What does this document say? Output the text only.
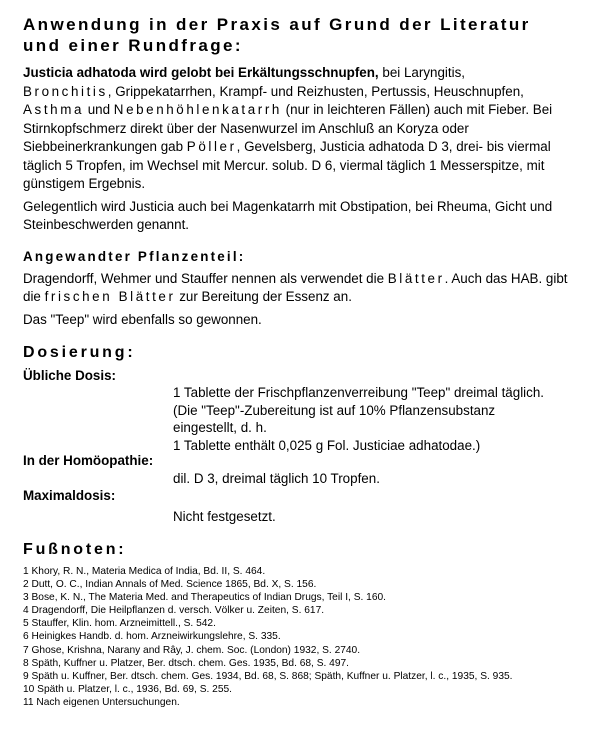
Anwendung in der Praxis auf Grund der Literatur und einer Rundfrage:

Justicia adhatoda wird gelobt bei Erkältungsschnupfen, bei Laryngitis,
Bronchitis, Grippekatarrhen, Krampf- und Reizhusten, Pertussis, Heuschnupfen,
Asthma und Nebenhöhlenkatarrh (nur in leichteren Fällen) auch mit Fieber. Bei Stirnkopfschmerz direkt über der Nasenwurzel im Anschluß an Koryza oder Siebbeinerkrankungen gab Pöller, Gevelsberg, Justicia adhatoda D 3, drei- bis viermal täglich 5 Tropfen, im Wechsel mit Mercur. solub. D 6, viermal täglich 1 Messerspitze, mit günstigem Ergebnis.

Gelegentlich wird Justicia auch bei Magenkatarrh mit Obstipation, bei Rheuma, Gicht und Steinbeschwerden genannt.

Angewandter Pflanzenteil:

Dragendorff, Wehmer und Stauffer nennen als verwendet die Blätter. Auch das HAB. gibt die frischen Blätter zur Bereitung der Essenz an.

Das "Teep" wird ebenfalls so gewonnen.

Dosierung:

Übliche Dosis:

1 Tablette der Frischpflanzenverreibung "Teep" dreimal täglich.
(Die "Teep"-Zubereitung ist auf 10% Pflanzensubstanz
eingestellt, d. h.
1 Tablette enthält 0,025 g Fol. Justiciae adhatodae.)

In der Homöopathie:

dil. D 3, dreimal täglich 10 Tropfen.

Maximaldosis:

Nicht festgesetzt.
Fußnoten:

1 Khory, R. N., Materia Medica of India, Bd. II, S. 464.

2 Dutt, O. C., Indian Annals of Med. Science 1865, Bd. X, S. 156.

3 Bose, K. N., The Materia Med. and Therapeutics of Indian Drugs, Teil I, S. 160.

4 Dragendorff, Die Heilpflanzen d. versch. Völker u. Zeiten, S. 617.

5 Stauffer, Klin. hom. Arzneimittell., S. 542.

6 Heinigkes Handb. d. hom. Arzneiwirkungslehre, S. 335.

7 Ghose, Krishna, Narany and Râу, J. chem. Soc. (London) 1932, S. 2740.

8 Späth, Kuffner u. Platzer, Ber. dtsch. chem. Ges. 1935, Bd. 68, S. 497.

9 Späth u. Kuffner, Ber. dtsch. chem. Ges. 1934, Bd. 68, S. 868; Späth, Kuffner u. Platzer, l. c., 1935, S. 935.

10 Späth u. Platzer, l. c., 1936, Bd. 69, S. 255.

11 Nach eigenen Untersuchungen.
